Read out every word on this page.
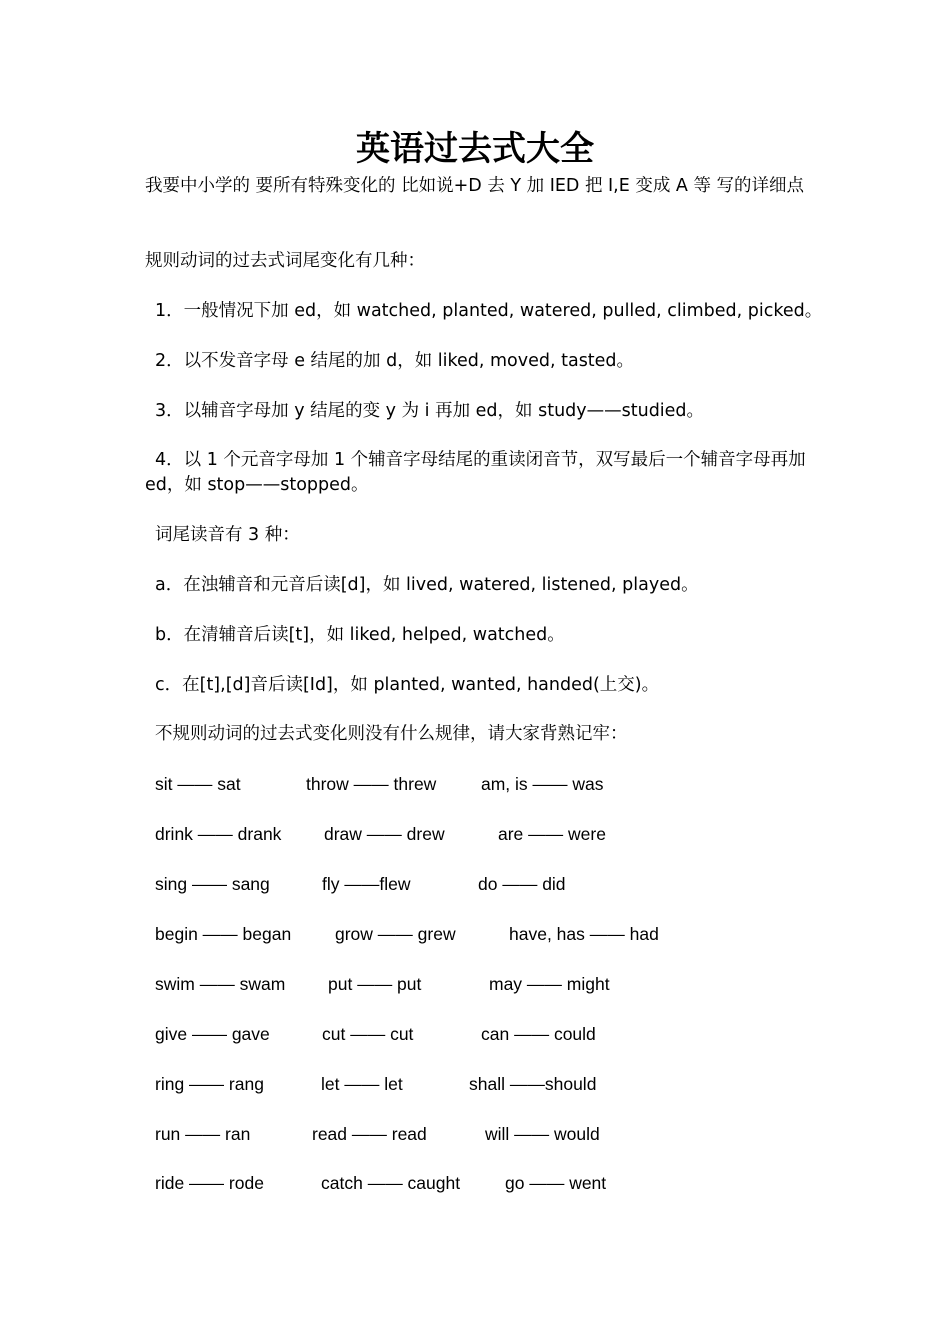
英语过去式大全

我要中小学的 要所有特殊变化的 比如说+D 去 Y 加 IED 把 I,E 变成 A 等 写的详细点

规则动词的过去式词尾变化有几种：

1．一般情况下加 ed，如 watched, planted, watered, pulled, climbed, picked。

2．以不发音字母 e 结尾的加 d，如 liked, moved, tasted。

3．以辅音字母加 y 结尾的变 y 为 i 再加 ed，如 study——studied。

4．以 1 个元音字母加 1 个辅音字母结尾的重读闭音节，双写最后一个辅音字母再加 ed，如 stop——stopped。

词尾读音有 3 种：

a．在浊辅音和元音后读[d]，如 lived, watered, listened, played。

b．在清辅音后读[t]，如 liked, helped, watched。

c．在[t],[d]音后读[Id]，如 planted, wanted, handed(上交)。

不规则动词的过去式变化则没有什么规律，请大家背熟记牢：

sit —— sat	throw —— threw	am, is —— was
drink —— drank draw —— drew	are —— were
sing —— sang	fly ——flew	do —— did
begin —— began	grow —— grew	have, has —— had
swim —— swam put —— put	may —— might
give —— gave	cut —— cut	can —— could
ring —— rang	let —— let	shall ——should
run —— ran	read —— read	will —— would
ride —— rode	catch —— caught	go —— went
